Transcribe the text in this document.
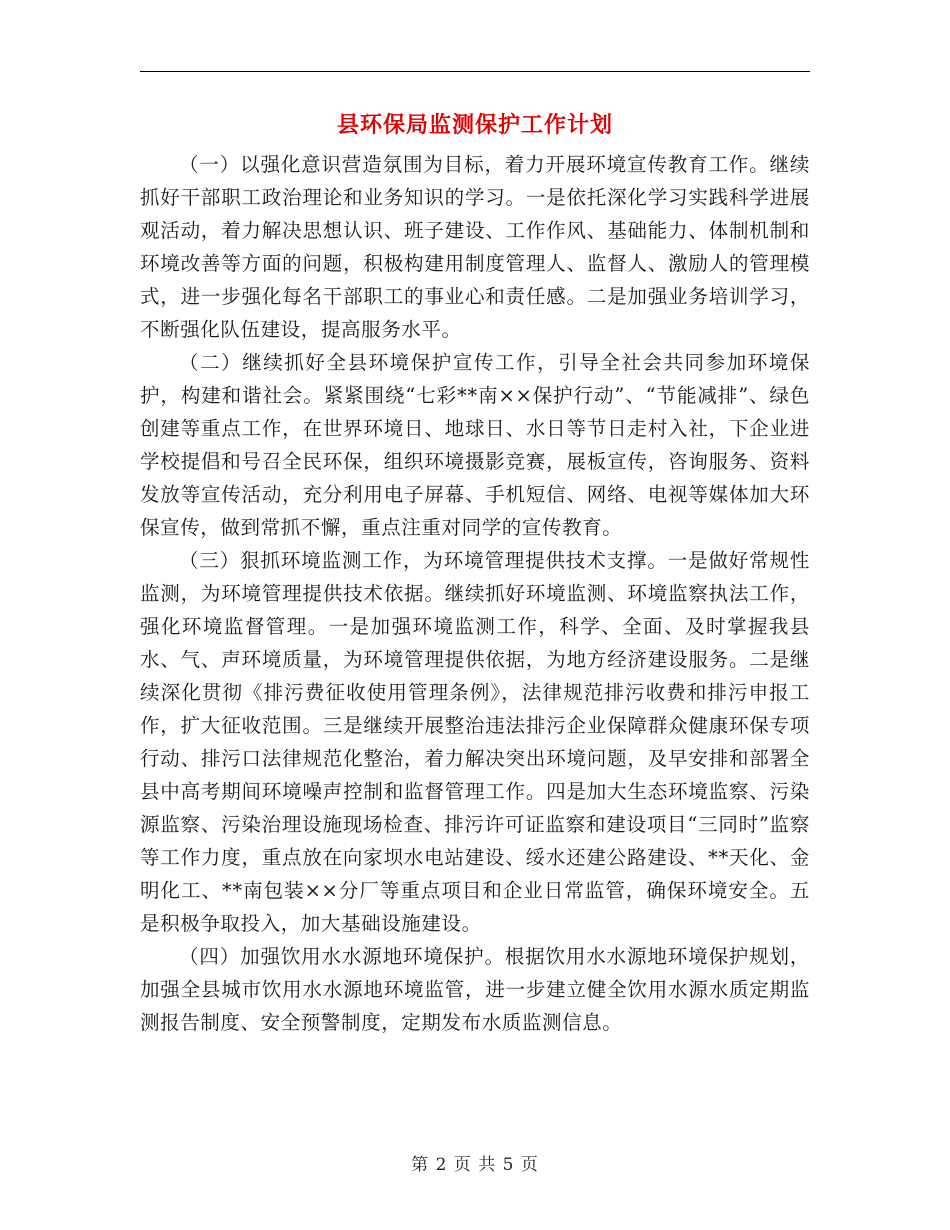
县环保局监测保护工作计划

（一）以强化意识营造氛围为目标，着力开展环境宣传教育工作。继续抓好干部职工政治理论和业务知识的学习。一是依托深化学习实践科学进展观活动，着力解决思想认识、班子建设、工作作风、基础能力、体制机制和环境改善等方面的问题，积极构建用制度管理人、监督人、激励人的管理模式，进一步强化每名干部职工的事业心和责任感。二是加强业务培训学习，不断强化队伍建设，提高服务水平。

（二）继续抓好全县环境保护宣传工作，引导全社会共同参加环境保护，构建和谐社会。紧紧围绕“七彩**南××保护行动”、“节能减排”、绿色创建等重点工作，在世界环境日、地球日、水日等节日走村入社，下企业进学校提倡和号召全民环保，组织环境摄影竞赛，展板宣传，咨询服务、资料发放等宣传活动，充分利用电子屏幕、手机短信、网络、电视等媒体加大环保宣传，做到常抓不懈，重点注重对同学的宣传教育。

（三）狠抓环境监测工作，为环境管理提供技术支撑。一是做好常规性监测，为环境管理提供技术依据。继续抓好环境监测、环境监察执法工作，强化环境监督管理。一是加强环境监测工作，科学、全面、及时掌握我县水、气、声环境质量，为环境管理提供依据，为地方经济建设服务。二是继续深化贯彻《排污费征收使用管理条例》，法律规范排污收费和排污申报工作，扩大征收范围。三是继续开展整治违法排污企业保障群众健康环保专项行动、排污口法律规范化整治，着力解决突出环境问题，及早安排和部署全县中高考期间环境噪声控制和监督管理工作。四是加大生态环境监察、污染源监察、污染治理设施现场检查、排污许可证监察和建设项目“三同时”监察等工作力度，重点放在向家坝水电站建设、绥水还建公路建设、**天化、金明化工、**南包装××分厂等重点项目和企业日常监管，确保环境安全。五是积极争取投入，加大基础设施建设。

（四）加强饮用水水源地环境保护。根据饮用水水源地环境保护规划，加强全县城市饮用水水源地环境监管，进一步建立健全饮用水源水质定期监测报告制度、安全预警制度，定期发布水质监测信息。

第 2 页 共 5 页
